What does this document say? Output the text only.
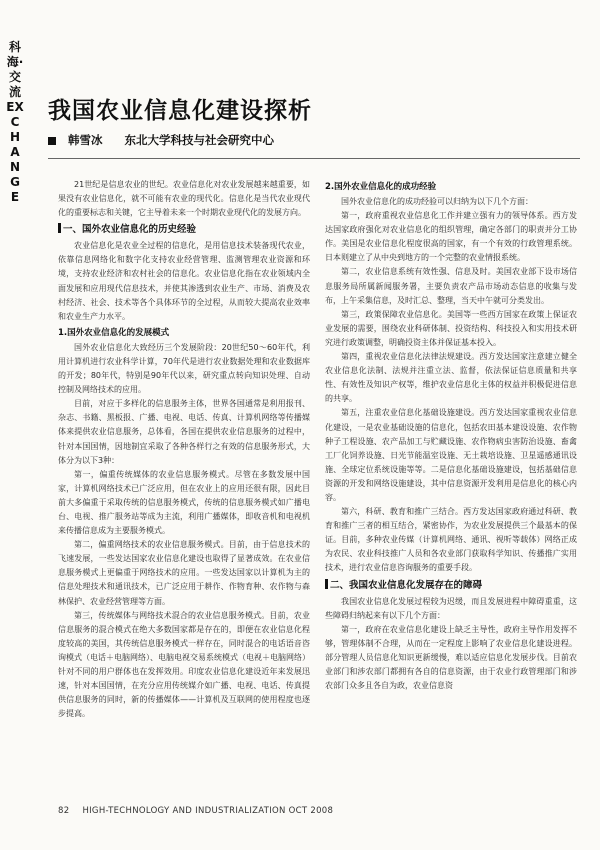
科海·交流 EXCHANGE
我国农业信息化建设探析
韩雪冰 东北大学科技与社会研究中心

21世纪是信息农业的世纪。农业信息化对农业发展越来越重要，如果没有农业信息化，就不可能有农业的现代化。信息化是当代农业现代化的重要标志和关键，它主导着未来一个时期农业现代化的发展方向。

一、国外农业信息化的历史经验

农业信息化是农业全过程的信息化，是用信息技术装备现代农业，依靠信息网络化和数字化支持农业经营管理、监测管理农业资源和环境，支持农业经济和农村社会的信息化。农业信息化指在农业领域内全面发展和应用现代信息技术，并使其渗透到农业生产、市场、消费及农村经济、社会、技术等各个具体环节的全过程，从而较大提高农业效率和农业生产力水平。

1.国外农业信息化的发展模式

国外农业信息化大致经历三个发展阶段：20世纪50～60年代，利用计算机进行农业科学计算，70年代是进行农业数据处理和农业数据库的开发；80年代，特别是90年代以来，研究重点转向知识处理、自动控制及网络技术的应用。

目前，对应于多样化的信息服务主体，世界各国通常是利用报刊、杂志、书籍、黑板报、广播、电视、电话、传真、计算机网络等传播媒体来提供农业信息服务，总体看，各国在提供农业信息服务的过程中，针对本国国情，因地制宜采取了各种各样行之有效的信息服务形式，大体分为以下3种：

第一，偏重传统媒体的农业信息服务模式。尽管在多数发展中国家，计算机网络技术已广泛应用，但在农业上的应用还很有限，因此目前大多偏重于采取传统的信息服务模式，传统的信息服务模式如广播电台、电视、推广服务站等成为主流，利用广播媒体，即收音机和电视机来传播信息成为主要服务模式。

第二，偏重网络技术的农业信息服务模式。目前，由于信息技术的飞速发展，一些发达国家农业信息化建设也取得了显著成效。在农业信息服务模式上更偏重于网络技术的应用。一些发达国家以计算机为主的信息处理技术和通讯技术，已广泛应用于耕作、作物育种、农作物与森林保护、农业经营管理等方面。

第三，传统媒体与网络技术混合的农业信息服务模式。目前，农业信息服务的混合模式在绝大多数国家都是存在的，即便在农业信息化程度较高的美国，其传统信息服务模式一样存在，同时混合的电话语音咨询模式（电话＋电脑网络）、电脑电视交易系统模式（电视＋电脑网络）针对不同的用户群体也在发挥效用。印度农业信息化建设近年来发展迅速，针对本国国情，在充分应用传统媒介如广播、电视、电话、传真提供信息服务的同时，新的传播媒体——计算机及互联网的使用程度也逐步提高。

2.国外农业信息化的成功经验

国外农业信息化的成功经验可以归纳为以下几个方面：

第一，政府重视农业信息化工作并建立强有力的领导体系。西方发达国家政府强化对农业信息化的组织管理，确定各部门的职责并分工协作。美国是农业信息化程度很高的国家，有一个有效的行政管理系统。日本则建立了从中央到地方的一个完整的农业情报系统。

第二，农业信息系统有效性强、信息及时。美国农业部下设市场信息服务局所属新闻服务署，主要负责农产品市场动态信息的收集与发布，上午采集信息，及时汇总、整理，当天中午就可分类发出。

第三，政策保障农业信息化。美国等一些西方国家在政策上保证农业发展的需要，围绕农业科研体制、投资结构、科技投入和实用技术研究进行政策调整，明确投资主体并保证基本投入。

第四，重视农业信息化法律法规建设。西方发达国家注意建立健全农业信息化法制、法规并注重立法、监督，依法保证信息质量和共享性、有效性及知识产权等，维护农业信息化主体的权益并积极促进信息的共享。

第五，注重农业信息化基础设施建设。西方发达国家重视农业信息化建设，一是农业基础设施的信息化，包括农田基本建设设施、农作物种子工程设施、农产品加工与贮藏设施、农作物病虫害防治设施、畜禽工厂化饲养设施、日光节能温室设施、无土栽培设施、卫星遥感通讯设施、全球定位系统设施等等。二是信息化基础设施建设，包括基础信息资源的开发和网络设施建设，其中信息资源开发利用是信息化的核心内容。

第六，科研、教育和推广三结合。西方发达国家政府通过科研、教育和推广三者的相互结合，紧密协作，为农业发展提供三个最基本的保证。目前，多种农业传媒（计算机网络、通讯、视听等载体）网络正成为农民、农业科技推广人员和各农业部门获取科学知识、传播推广实用技术，进行农业信息咨询服务的重要手段。

二、我国农业信息化发展存在的障碍

我国农业信息化发展过程较为迟缓，而且发展进程中障碍重重，这些障碍归纳起来有以下几个方面：

第一，政府在农业信息化建设上缺乏主导性，政府主导作用发挥不够，管理体制不合理，从而在一定程度上影响了农业信息化建设进程。部分管理人员信息化知识更新缓慢，难以适应信息化发展步伐。目前农业部门和涉农部门都拥有各自的信息资源，由于农业行政管理部门和涉农部门众多且各自为政，农业信息资

82 HIGH-TECHNOLOGY AND INDUSTRIALIZATION OCT 2008
